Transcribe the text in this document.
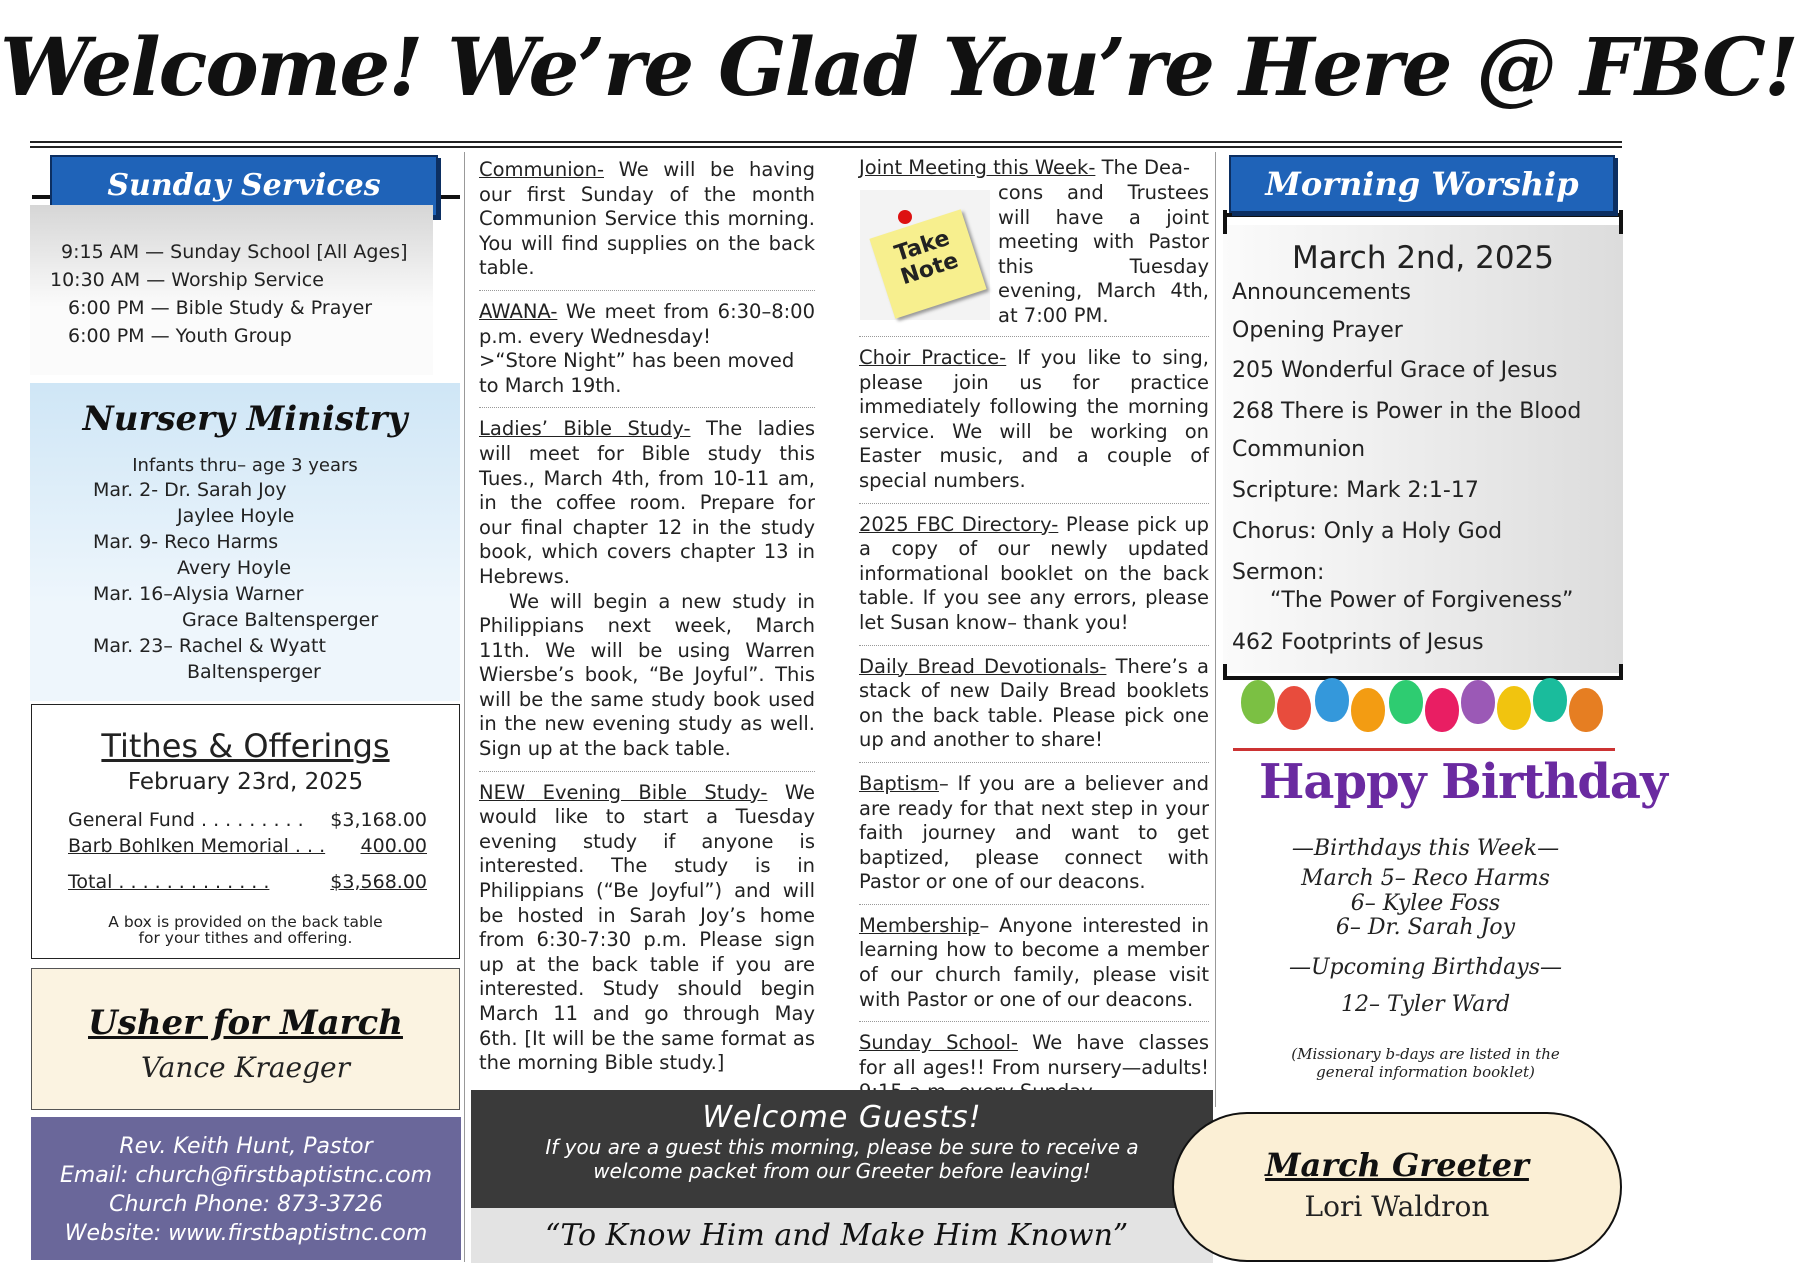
Welcome! We’re Glad You’re Here @ FBC!
Sunday Services
9:15 AM — Sunday School [All Ages]
10:30 AM — Worship Service
6:00 PM — Bible Study & Prayer
6:00 PM — Youth Group
Nursery Ministry
Infants thru– age 3 years
Mar. 2- Dr. Sarah Joy
Jaylee Hoyle
Mar. 9- Reco Harms
Avery Hoyle
Mar. 16–Alysia Warner
Grace Baltensperger
Mar. 23– Rachel & Wyatt
Baltensperger
Tithes & Offerings
February 23rd, 2025
General Fund . . . . . . . . . $3,168.00
Barb Bohlken Memorial . . . 400.00
Total . . . . . . . . . . . . .	$3,568.00
A box is provided on the back table
for your tithes and offering.
Usher for March
Vance Kraeger
Rev. Keith Hunt, Pastor
Email: church@firstbaptistnc.com
Church Phone: 873-3726
Website: www.firstbaptistnc.com

Communion- We will be having our first Sunday of the month Communion Service this morning. You will find supplies on the back table.

AWANA- We meet from 6:30–8:00 p.m. every Wednesday!

>“Store Night” has been moved to March 19th.

Ladies’ Bible Study- The ladies will meet for Bible study this Tues., March 4th, from 10-11 am, in the coffee room. Prepare for our final chapter 12 in the study book, which covers chapter 13 in Hebrews.

We will begin a new study in Philippians next week, March 11th. We will be using Warren Wiersbe’s book, “Be Joyful”. This will be the same study book used in the new evening study as well. Sign up at the back table.

NEW Evening Bible Study- We would like to start a Tuesday evening study if anyone is interested. The study is in Philippians (“Be Joyful”) and will be hosted in Sarah Joy’s home from 6:30-7:30 p.m. Please sign up at the back table if you are interested. Study should begin March 11 and go through May 6th. [It will be the same format as the morning Bible study.]

Joint Meeting this Week- The Dea-
Take Note
cons and Trustees will have a joint meeting with Pastor this Tuesday evening, March 4th, at 7:00 PM.

Choir Practice- If you like to sing, please join us for practice immediately following the morning service. We will be working on Easter music, and a couple of special numbers.

2025 FBC Directory- Please pick up a copy of our newly updated informational booklet on the back table. If you see any errors, please let Susan know– thank you!

Daily Bread Devotionals- There’s a stack of new Daily Bread booklets on the back table. Please pick one up and another to share!

Baptism– If you are a believer and are ready for that next step in your faith journey and want to get baptized, please connect with Pastor or one of our deacons.

Membership– Anyone interested in learning how to become a member of our church family, please visit with Pastor or one of our deacons.

Sunday School- We have classes for all ages!! From nursery—adults!

Welcome Guests!
If you are a guest this morning, please be sure to receive a
welcome packet from our Greeter before leaving!
“To Know Him and Make Him Known”
Morning Worship
March 2nd, 2025
Announcements
Opening Prayer
205 Wonderful Grace of Jesus
268 There is Power in the Blood
Communion
Scripture: Mark 2:1-17
Chorus: Only a Holy God
Sermon:
“The Power of Forgiveness”
462 Footprints of Jesus
Happy Birthday
—Birthdays this Week—
March 5– Reco Harms
6– Kylee Foss
6– Dr. Sarah Joy
—Upcoming Birthdays—
12– Tyler Ward
(Missionary b-days are listed in the
general information booklet)
March Greeter
Lori Waldron
